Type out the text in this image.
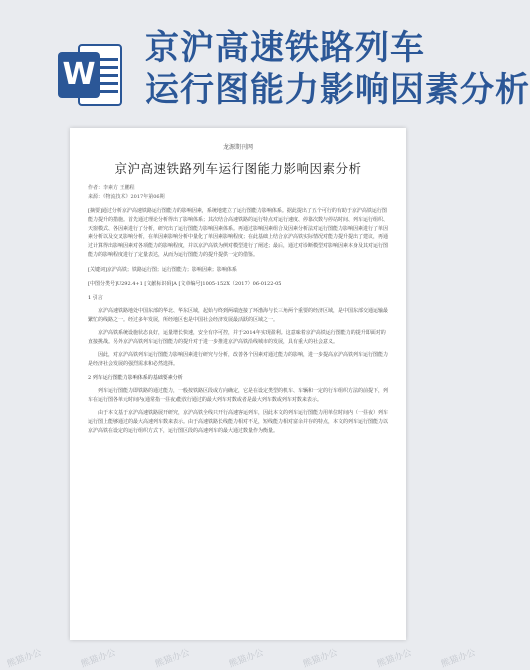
W
京沪高速铁路列车
运行图能力影响因素分析
龙源期刊网
京沪高速铁路列车运行图能力影响因素分析
作者：李素方 王鹏程
来源：《物流技术》2017年第06期
[摘要]通过分析京沪高速铁路运行图能力的影响因素，系统地建立了运行图能力影响体系。据此提出了五个可行的有助于京沪高铁运行图能力提升的措施。首先通过理论分析得出了影响体系；其次结合高速铁路的运行特点对运行速度、停靠次数与停站时间、列车运行组织、天窗模式、各因素进行了分析，研究出了运行图能力影响因素体系。再通过影响因素组合及因素分析法对运行图能力影响因素进行了单因素分析以及交叉影响分析，在单因素影响分析中量化了单因素影响程度；在此基础上结合京沪高铁实际情况对能力提升提出了建议，再通过计算得出影响因素对各项能力的影响程度，并以京沪高铁为例对模型进行了阐述；最后，通过对诊断模型对影响因素本身及其对运行图能力的影响程度进行了定量表达，从而为运行图能力的提升提供一定的借鉴。
[关键词]京沪高铁；铁路运行图；运行图能力；影响因素；影响体系
[中图分类号]U292.4+1 [文献标识码]A [文章编号]1005-152X（2017）06-0122-05
1 引言
京沪高速铁路地处中国东部的华北、华东区域，起始与终到两端连接了环渤海与长三角两个重要的经济区域，是中国东部交通运输最繁忙的线路之一。经过多年发展，所经地区也是中国社会经济发展最活跃的区域之一。
京沪高铁系统设施状态良好，运量增长快速，安全有序可控，并于2014年实现盈利。这意味着京沪高铁运行图能力的提升即面对的直接挑战。另外京沪高铁列车运行图能力的提升对于进一步推进京沪高铁沿线城市的发展，具有重大的社会意义。
因此，对京沪高铁列车运行图能力影响因素进行研究与分析，改善各个因素对通过能力的影响，进一步提高京沪高铁列车运行图能力是经济社会发展的强烈需求和必然选择。
2 列车运行图能力影响体系的基础要素分析
列车运行图能力即铁路的通过能力，一般按铁路区段或方向确定，它是在设定类型的机车、车辆和一定的行车组织方法的前提下，列车在运行图各单元时间内(通常指一昼夜)能放行通过的最大列车对数或者是最大列车数或列车对数来表示。
由于本文基于京沪高速铁路展开研究，京沪高铁全线只开行高速客运列车，因此本文的列车运行图能力用单位时间内（一昼夜）列车运行图上能够通过的最大高速列车数来表示。由于高速铁路长线能力相对不足，短线能力相对富余并存的特点，本文的列车运行图能力以京沪高铁在设定的运行组织方式下，运行图区段的高速列车的最大通过数量作为衡量。
熊猫办公	熊猫办公	熊猫办公	熊猫办公	熊猫办公	熊猫办公	熊猫办公
